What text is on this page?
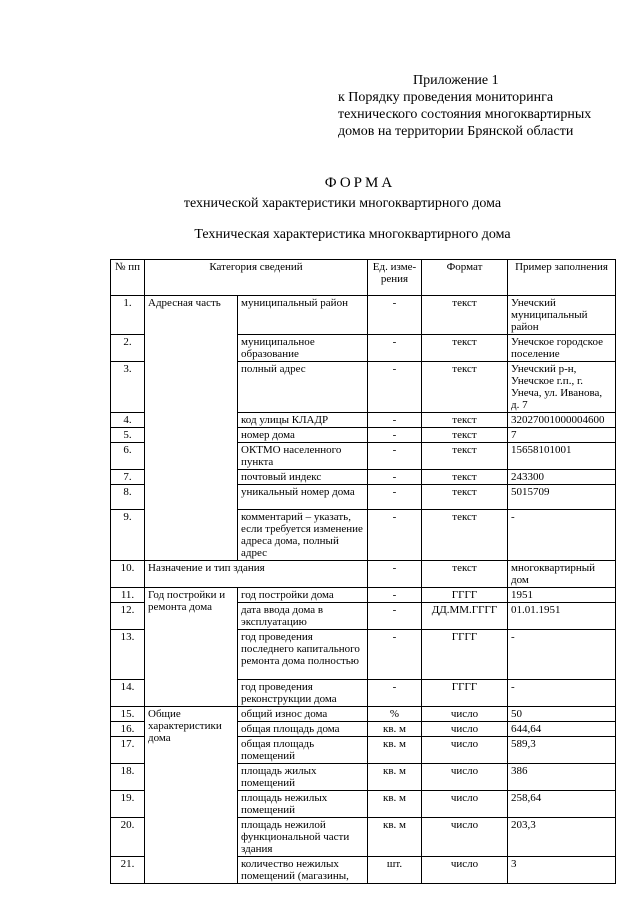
Приложение 1
к Порядку проведения мониторинга
технического состояния многоквартирных
домов на территории Брянской области
ФОРМА
технической характеристики многоквартирного дома
Техническая характеристика многоквартирного дома
№ пп	Категория сведений		Ед. изме- рения	Формат	Пример заполнения
1.	Адресная часть	муниципальный район	-	текст	Унечский муниципальный район
2.		муниципальное образование	-	текст	Унечское городское поселение
3.		полный адрес	-	текст	Унечский р-н, Унечское г.п., г. Унеча, ул. Иванова, д. 7
4.		код улицы КЛАДР	-	текст	32027001000004600
5.		номер дома	-	текст	7
6.		ОКТМО населенного пункта	-	текст	15658101001
7.		почтовый индекс	-	текст	243300
8.		уникальный номер дома	-	текст	5015709
9.		комментарий – указать, если требуется изменение адреса дома, полный адрес	-	текст	-
10.	Назначение и тип здания		-	текст	многоквартирный дом
11.	Год постройки и ремонта дома	год постройки дома	-	ГГГГ	1951
12.		дата ввода дома в эксплуатацию	-	ДД.ММ.ГГГГ	01.01.1951
13.		год проведения последнего капитального ремонта дома полностью	-	ГГГГ	-
14.		год проведения реконструкции дома	-	ГГГГ	-
15.	Общие характеристики дома	общий износ дома	%	число	50
16.		общая площадь дома	кв. м	число	644,64
17.		общая площадь помещений	кв. м	число	589,3
18.		площадь жилых помещений	кв. м	число	386
19.		площадь нежилых помещений	кв. м	число	258,64
20.		площадь нежилой функциональной части здания	кв. м	число	203,3
21.		количество нежилых помещений (магазины,	шт.	число	3
